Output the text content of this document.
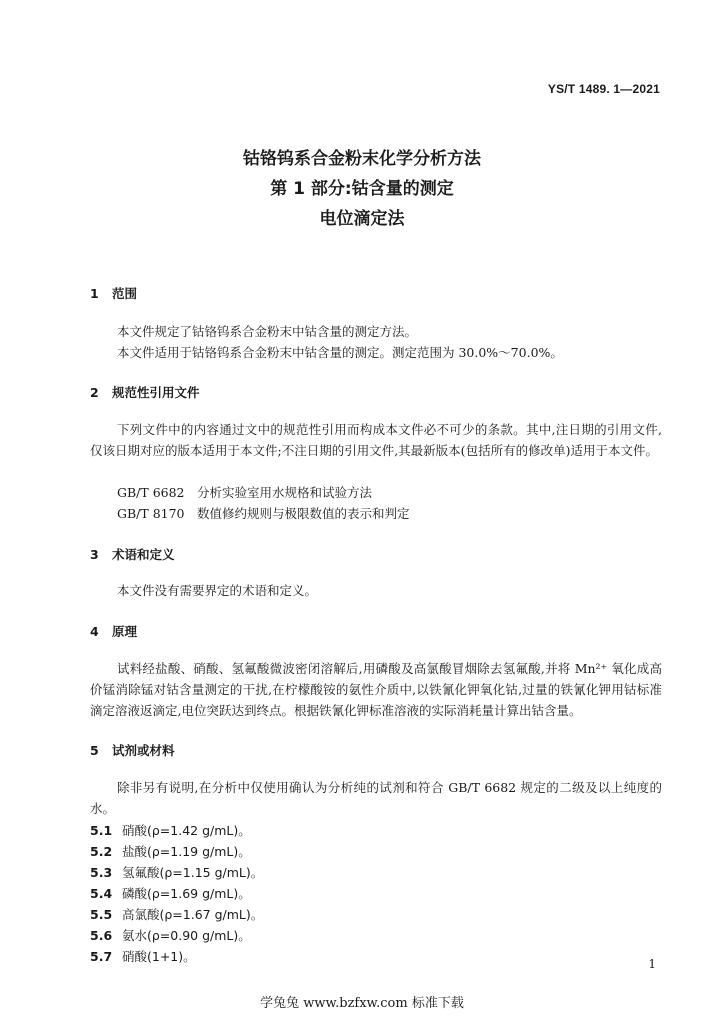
YS/T 1489. 1—2021
钴铬钨系合金粉末化学分析方法
第 1 部分:钴含量的测定
电位滴定法
1 范围
本文件规定了钴铬钨系合金粉末中钴含量的测定方法。
本文件适用于钴铬钨系合金粉末中钴含量的测定。测定范围为 30.0%～70.0%。
2 规范性引用文件
下列文件中的内容通过文中的规范性引用而构成本文件必不可少的条款。其中,注日期的引用文件,仅该日期对应的版本适用于本文件;不注日期的引用文件,其最新版本(包括所有的修改单)适用于本文件。
GB/T 6682 分析实验室用水规格和试验方法
GB/T 8170 数值修约规则与极限数值的表示和判定
3 术语和定义
本文件没有需要界定的术语和定义。
4 原理
试料经盐酸、硝酸、氢氟酸微波密闭溶解后,用磷酸及高氯酸冒烟除去氢氟酸,并将 Mn²⁺ 氧化成高价锰消除锰对钴含量测定的干扰,在柠檬酸铵的氨性介质中,以铁氰化钾氧化钴,过量的铁氰化钾用钴标准滴定溶液返滴定,电位突跃达到终点。根据铁氰化钾标准溶液的实际消耗量计算出钴含量。
5 试剂或材料
除非另有说明,在分析中仅使用确认为分析纯的试剂和符合 GB/T 6682 规定的二级及以上纯度的水。
5.1 硝酸(ρ=1.42 g/mL)。
5.2 盐酸(ρ=1.19 g/mL)。
5.3 氢氟酸(ρ=1.15 g/mL)。
5.4 磷酸(ρ=1.69 g/mL)。
5.5 高氯酸(ρ=1.67 g/mL)。
5.6 氨水(ρ=0.90 g/mL)。
5.7 硝酸(1+1)。	1
学兔兔 www.bzfxw.com 标准下载
